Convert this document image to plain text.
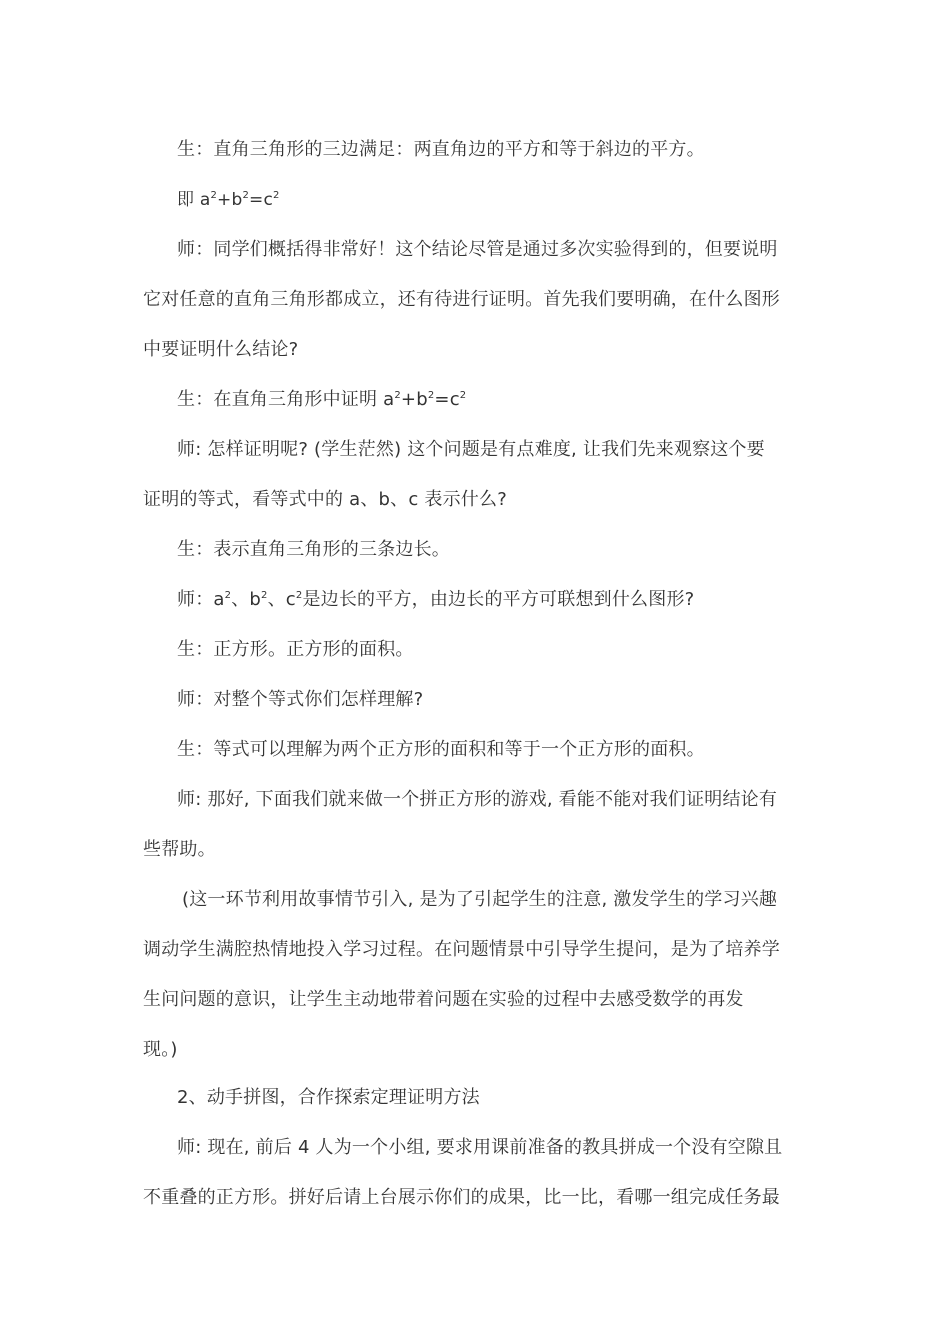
生：直角三角形的三边满足：两直角边的平方和等于斜边的平方。
即 $a^2+b^2=c^2$
师：同学们概括得非常好！这个结论尽管是通过多次实验得到的，但要说明
它对任意的直角三角形都成立，还有待进行证明。首先我们要明确，在什么图形
中要证明什么结论?
生：在直角三角形中证明 $a^2+b^2=c^2$
师: 怎样证明呢? (学生茫然) 这个问题是有点难度, 让我们先来观察这个要
证明的等式，看等式中的 a、b、c 表示什么?
生：表示直角三角形的三条边长。
师：$a^2$、$b^2$、$c^2$是边长的平方，由边长的平方可联想到什么图形?
生：正方形。正方形的面积。
师：对整个等式你们怎样理解?
生：等式可以理解为两个正方形的面积和等于一个正方形的面积。
师: 那好, 下面我们就来做一个拼正方形的游戏, 看能不能对我们证明结论有
些帮助。
(这一环节利用故事情节引入, 是为了引起学生的注意, 激发学生的学习兴趣
调动学生满腔热情地投入学习过程。在问题情景中引导学生提问，是为了培养学
生问问题的意识，让学生主动地带着问题在实验的过程中去感受数学的再发
现。)
2、动手拼图，合作探索定理证明方法
师: 现在, 前后 4 人为一个小组, 要求用课前准备的教具拼成一个没有空隙且
不重叠的正方形。拼好后请上台展示你们的成果，比一比，看哪一组完成任务最
